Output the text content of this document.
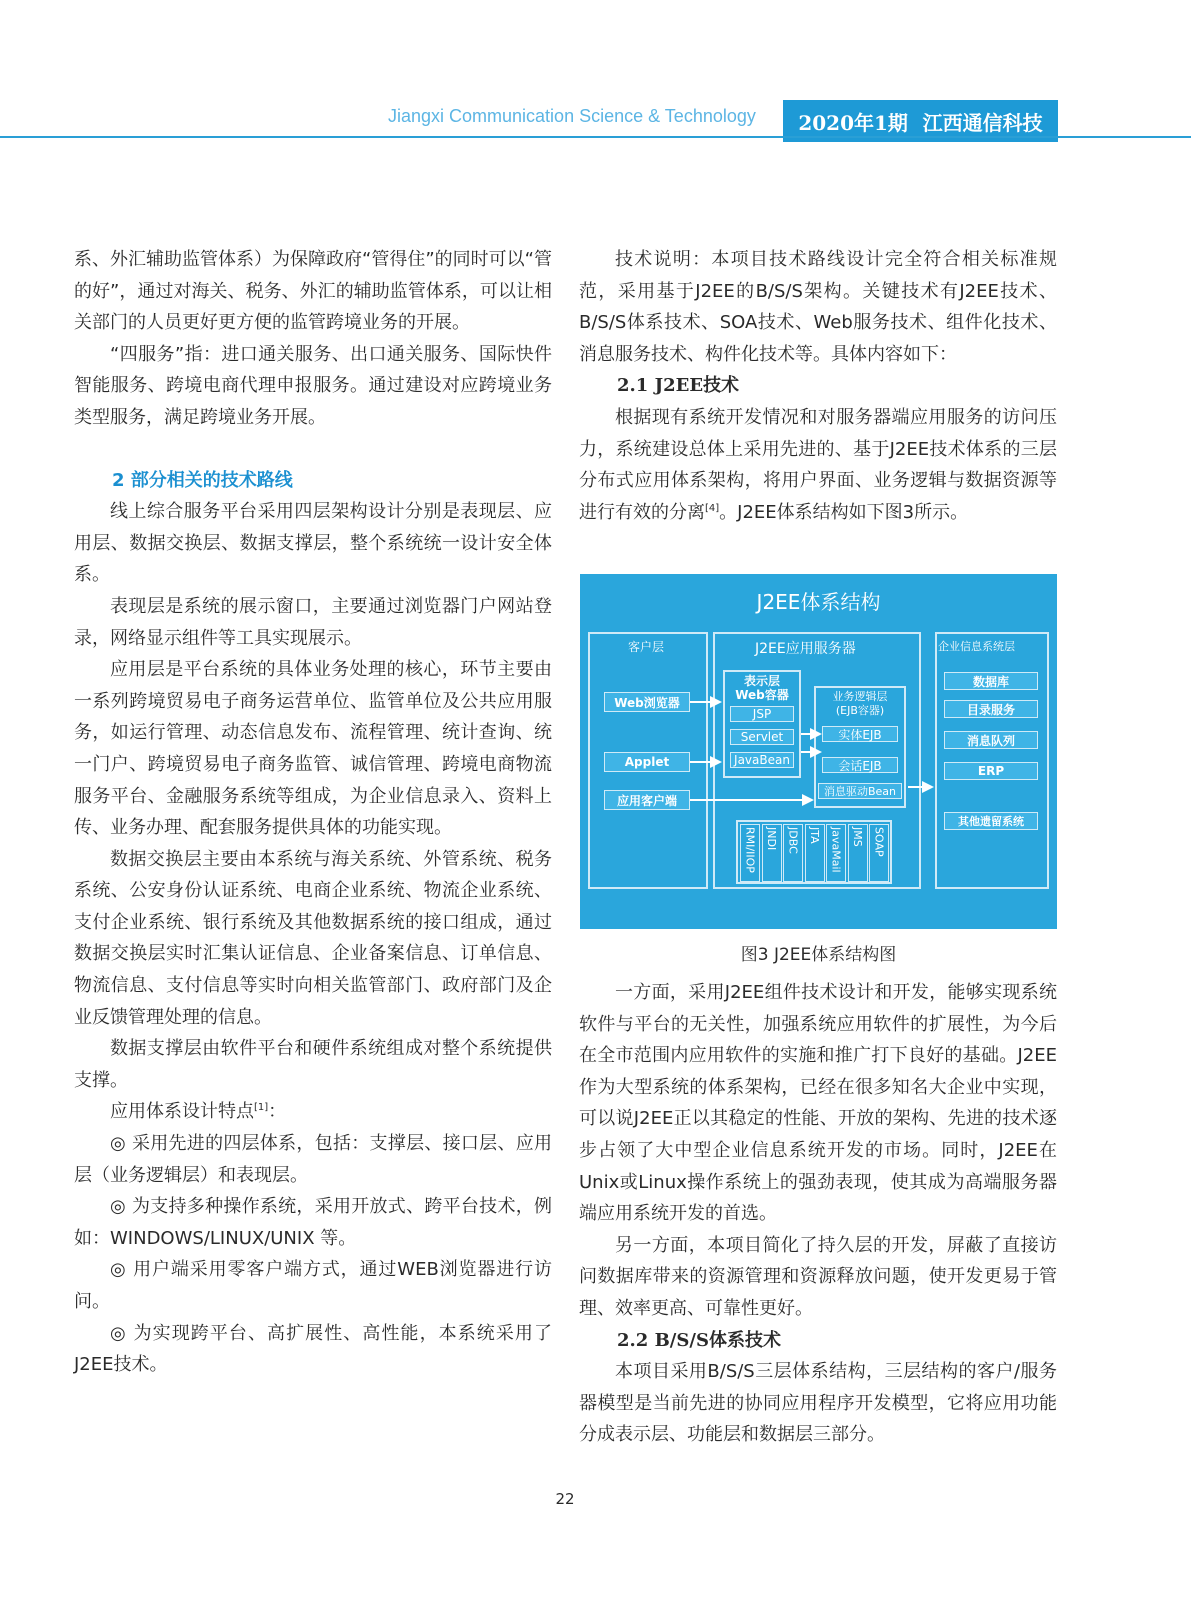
Jiangxi Communication Science & Technology 2020年1期 江西通信科技

系、外汇辅助监管体系）为保障政府“管得住”的同时可以“管的好”，通过对海关、税务、外汇的辅助监管体系，可以让相关部门的人员更好更方便的监管跨境业务的开展。

“四服务”指：进口通关服务、出口通关服务、国际快件智能服务、跨境电商代理申报服务。通过建设对应跨境业务类型服务，满足跨境业务开展。

2 部分相关的技术路线

线上综合服务平台采用四层架构设计分别是表现层、应用层、数据交换层、数据支撑层，整个系统统一设计安全体系。

表现层是系统的展示窗口，主要通过浏览器门户网站登录，网络显示组件等工具实现展示。

应用层是平台系统的具体业务处理的核心，环节主要由一系列跨境贸易电子商务运营单位、监管单位及公共应用服务，如运行管理、动态信息发布、流程管理、统计查询、统一门户、跨境贸易电子商务监管、诚信管理、跨境电商物流服务平台、金融服务系统等组成，为企业信息录入、资料上传、业务办理、配套服务提供具体的功能实现。

数据交换层主要由本系统与海关系统、外管系统、税务系统、公安身份认证系统、电商企业系统、物流企业系统、支付企业系统、银行系统及其他数据系统的接口组成，通过数据交换层实时汇集认证信息、企业备案信息、订单信息、物流信息、支付信息等实时向相关监管部门、政府部门及企业反馈管理处理的信息。

数据支撑层由软件平台和硬件系统组成对整个系统提供支撑。

应用体系设计特点[1]：

◎ 采用先进的四层体系，包括：支撑层、接口层、应用层（业务逻辑层）和表现层。

◎ 为支持多种操作系统，采用开放式、跨平台技术，例如：WINDOWS/LINUX/UNIX 等。

◎ 用户端采用零客户端方式，通过WEB浏览器进行访问。

◎ 为实现跨平台、高扩展性、高性能，本系统采用了J2EE技术。

技术说明：本项目技术路线设计完全符合相关标准规范，采用基于J2EE的B/S/S架构。关键技术有J2EE技术、B/S/S体系技术、SOA技术、Web服务技术、组件化技术、消息服务技术、构件化技术等。具体内容如下：

2.1 J2EE技术

根据现有系统开发情况和对服务器端应用服务的访问压力，系统建设总体上采用先进的、基于J2EE技术体系的三层分布式应用体系架构，将用户界面、业务逻辑与数据资源等进行有效的分离[4]。J2EE体系结构如下图3所示。

J2EE体系结构
客户层	J2EE应用服务器	企业信息系统层
Web浏览器
Applet
应用客户端
表示层
Web容器
JSP
Servlet
JavaBean
业务逻辑层
(EJB容器)
实体EJB
会话EJB
消息驱动Bean
数据库
目录服务
消息队列
ERP
其他遗留系统
RMI/IIOP JNDI JDBC JTA JavaMail JMS SOAP
图3 J2EE体系结构图

一方面，采用J2EE组件技术设计和开发，能够实现系统软件与平台的无关性，加强系统应用软件的扩展性，为今后在全市范围内应用软件的实施和推广打下良好的基础。J2EE作为大型系统的体系架构，已经在很多知名大企业中实现，可以说J2EE正以其稳定的性能、开放的架构、先进的技术逐步占领了大中型企业信息系统开发的市场。同时，J2EE在Unix或Linux操作系统上的强劲表现，使其成为高端服务器端应用系统开发的首选。

另一方面，本项目简化了持久层的开发，屏蔽了直接访问数据库带来的资源管理和资源释放问题，使开发更易于管理、效率更高、可靠性更好。

2.2 B/S/S体系技术

本项目采用B/S/S三层体系结构，三层结构的客户/服务器模型是当前先进的协同应用程序开发模型，它将应用功能分成表示层、功能层和数据层三部分。

22
